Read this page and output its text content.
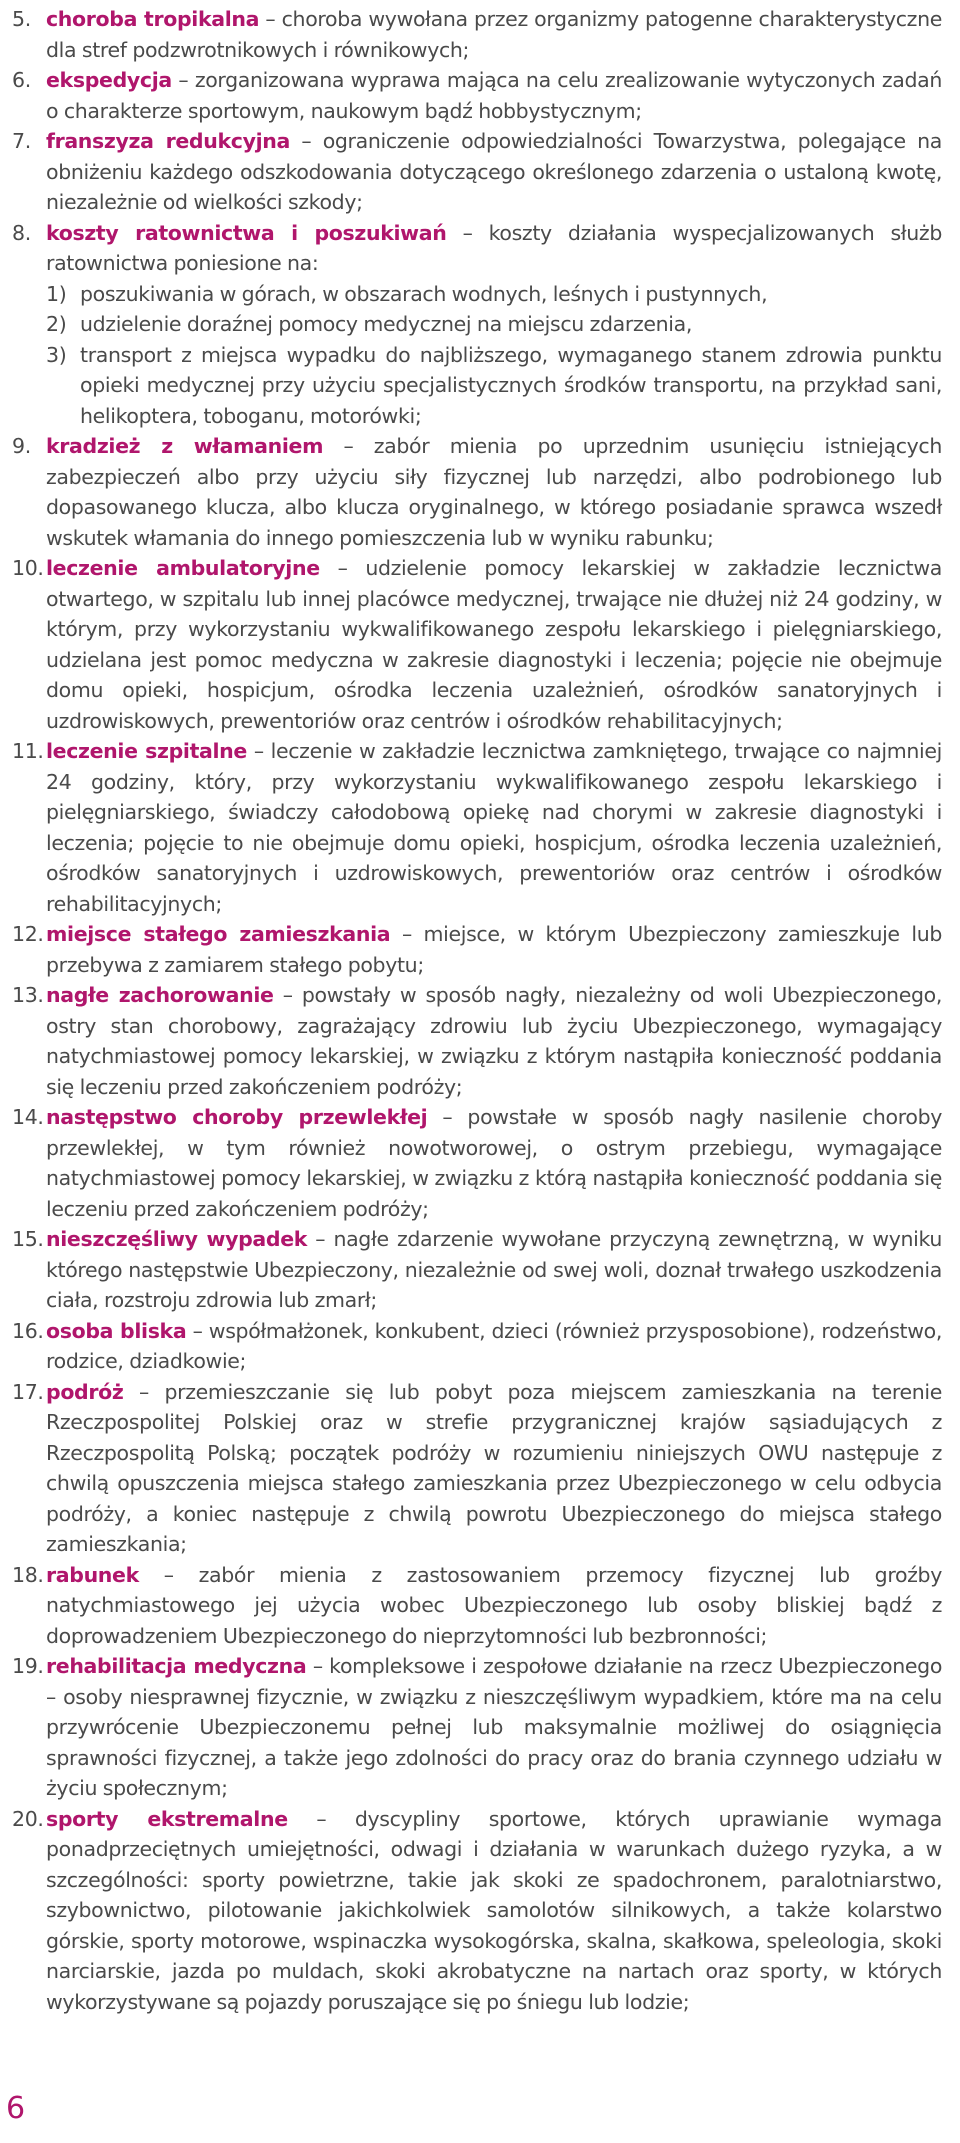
5. choroba tropikalna – choroba wywołana przez organizmy patogenne charakterystyczne dla stref podzwrotnikowych i równikowych;
6. ekspedycja – zorganizowana wyprawa mająca na celu zrealizowanie wytyczonych zadań o charakterze sportowym, naukowym bądź hobbystycznym;
7. franszyza redukcyjna – ograniczenie odpowiedzialności Towarzystwa, polegające na obniżeniu każdego odszkodowania dotyczącego określonego zdarzenia o ustaloną kwotę, niezależnie od wielkości szkody;
8. koszty ratownictwa i poszukiwań – koszty działania wyspecjalizowanych służb ratownictwa poniesione na:
1) poszukiwania w górach, w obszarach wodnych, leśnych i pustynnych,
2) udzielenie doraźnej pomocy medycznej na miejscu zdarzenia,
3) transport z miejsca wypadku do najbliższego, wymaganego stanem zdrowia punktu opieki medycznej przy użyciu specjalistycznych środków transportu, na przykład sani, helikoptera, toboganu, motorówki;
9. kradzież z włamaniem – zabór mienia po uprzednim usunięciu istniejących zabezpieczeń albo przy użyciu siły fizycznej lub narzędzi, albo podrobionego lub dopasowanego klucza, albo klucza oryginalnego, w którego posiadanie sprawca wszedł wskutek włamania do innego pomieszczenia lub w wyniku rabunku;
10. leczenie ambulatoryjne – udzielenie pomocy lekarskiej w zakładzie lecznictwa otwartego, w szpitalu lub innej placówce medycznej, trwające nie dłużej niż 24 godziny, w którym, przy wykorzystaniu wykwalifikowanego zespołu lekarskiego i pielęgniarskiego, udzielana jest pomoc medyczna w zakresie diagnostyki i leczenia; pojęcie nie obejmuje domu opieki, hospicjum, ośrodka leczenia uzależnień, ośrodków sanatoryjnych i uzdrowiskowych, prewentoriów oraz centrów i ośrodków rehabilitacyjnych;
11. leczenie szpitalne – leczenie w zakładzie lecznictwa zamkniętego, trwające co najmniej 24 godziny, który, przy wykorzystaniu wykwalifikowanego zespołu lekarskiego i pielęgniarskiego, świadczy całodobową opiekę nad chorymi w zakresie diagnostyki i leczenia; pojęcie to nie obejmuje domu opieki, hospicjum, ośrodka leczenia uzależnień, ośrodków sanatoryjnych i uzdrowiskowych, prewentoriów oraz centrów i ośrodków rehabilitacyjnych;
12. miejsce stałego zamieszkania – miejsce, w którym Ubezpieczony zamieszkuje lub przebywa z zamiarem stałego pobytu;
13. nagłe zachorowanie – powstały w sposób nagły, niezależny od woli Ubezpieczonego, ostry stan chorobowy, zagrażający zdrowiu lub życiu Ubezpieczonego, wymagający natychmiastowej pomocy lekarskiej, w związku z którym nastąpiła konieczność poddania się leczeniu przed zakończeniem podróży;
14. następstwo choroby przewlekłej – powstałe w sposób nagły nasilenie choroby przewlekłej, w tym również nowotworowej, o ostrym przebiegu, wymagające natychmiastowej pomocy lekarskiej, w związku z którą nastąpiła konieczność poddania się leczeniu przed zakończeniem podróży;
15. nieszczęśliwy wypadek – nagłe zdarzenie wywołane przyczyną zewnętrzną, w wyniku którego następstwie Ubezpieczony, niezależnie od swej woli, doznał trwałego uszkodzenia ciała, rozstroju zdrowia lub zmarł;
16. osoba bliska – współmałżonek, konkubent, dzieci (również przysposobione), rodzeństwo, rodzice, dziadkowie;
17. podróż – przemieszczanie się lub pobyt poza miejscem zamieszkania na terenie Rzeczpospolitej Polskiej oraz w strefie przygranicznej krajów sąsiadujących z Rzeczpospolitą Polską; początek podróży w rozumieniu niniejszych OWU następuje z chwilą opuszczenia miejsca stałego zamieszkania przez Ubezpieczonego w celu odbycia podróży, a koniec następuje z chwilą powrotu Ubezpieczonego do miejsca stałego zamieszkania;
18. rabunek – zabór mienia z zastosowaniem przemocy fizycznej lub groźby natychmiastowego jej użycia wobec Ubezpieczonego lub osoby bliskiej bądź z doprowadzeniem Ubezpieczonego do nieprzytomności lub bezbronności;
19. rehabilitacja medyczna – kompleksowe i zespołowe działanie na rzecz Ubezpieczonego – osoby niesprawnej fizycznie, w związku z nieszczęśliwym wypadkiem, które ma na celu przywrócenie Ubezpieczonemu pełnej lub maksymalnie możliwej do osiągnięcia sprawności fizycznej, a także jego zdolności do pracy oraz do brania czynnego udziału w życiu społecznym;
20. sporty ekstremalne – dyscypliny sportowe, których uprawianie wymaga ponadprzeciętnych umiejętności, odwagi i działania w warunkach dużego ryzyka, a w szczególności: sporty powietrzne, takie jak skoki ze spadochronem, paralotniarstwo, szybownictwo, pilotowanie jakichkolwiek samolotów silnikowych, a także kolarstwo górskie, sporty motorowe, wspinaczka wysokogórska, skalna, skałkowa, speleologia, skoki narciarskie, jazda po muldach, skoki akrobatyczne na nartach oraz sporty, w których wykorzystywane są pojazdy poruszające się po śniegu lub lodzie;
6
